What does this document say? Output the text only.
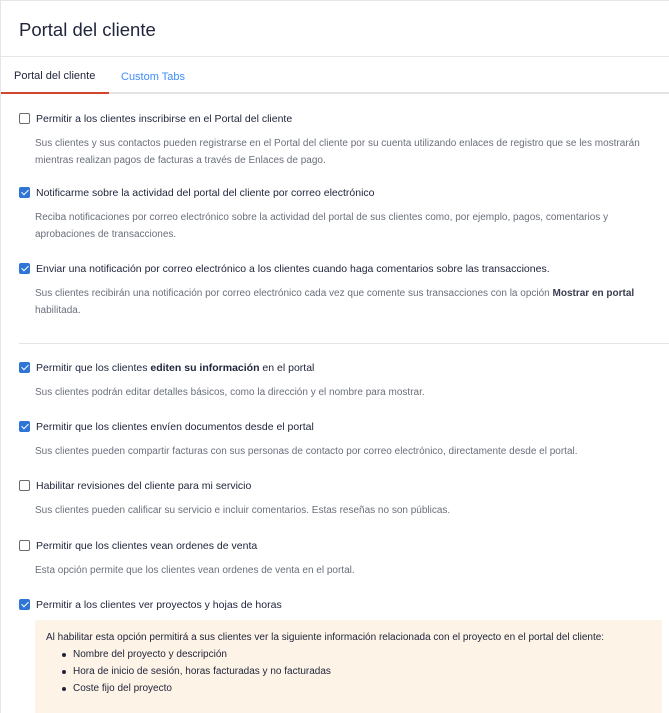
Portal del cliente
Portal del cliente	Custom Tabs
Permitir a los clientes inscribirse en el Portal del cliente
Sus clientes y sus contactos pueden registrarse en el Portal del cliente por su cuenta utilizando enlaces de registro que se les mostrarán mientras realizan pagos de facturas a través de Enlaces de pago.
Notificarme sobre la actividad del portal del cliente por correo electrónico
Reciba notificaciones por correo electrónico sobre la actividad del portal de sus clientes como, por ejemplo, pagos, comentarios y aprobaciones de transacciones.
Enviar una notificación por correo electrónico a los clientes cuando haga comentarios sobre las transacciones.
Sus clientes recibirán una notificación por correo electrónico cada vez que comente sus transacciones con la opción Mostrar en portal habilitada.
Permitir que los clientes editen su información en el portal
Sus clientes podrán editar detalles básicos, como la dirección y el nombre para mostrar.
Permitir que los clientes envíen documentos desde el portal
Sus clientes pueden compartir facturas con sus personas de contacto por correo electrónico, directamente desde el portal.
Habilitar revisiones del cliente para mi servicio
Sus clientes pueden calificar su servicio e incluir comentarios. Estas reseñas no son públicas.
Permitir que los clientes vean ordenes de venta
Esta opción permite que los clientes vean ordenes de venta en el portal.
Permitir a los clientes ver proyectos y hojas de horas
Al habilitar esta opción permitirá a sus clientes ver la siguiente información relacionada con el proyecto en el portal del cliente:
Nombre del proyecto y descripción
Hora de inicio de sesión, horas facturadas y no facturadas
Coste fijo del proyecto
